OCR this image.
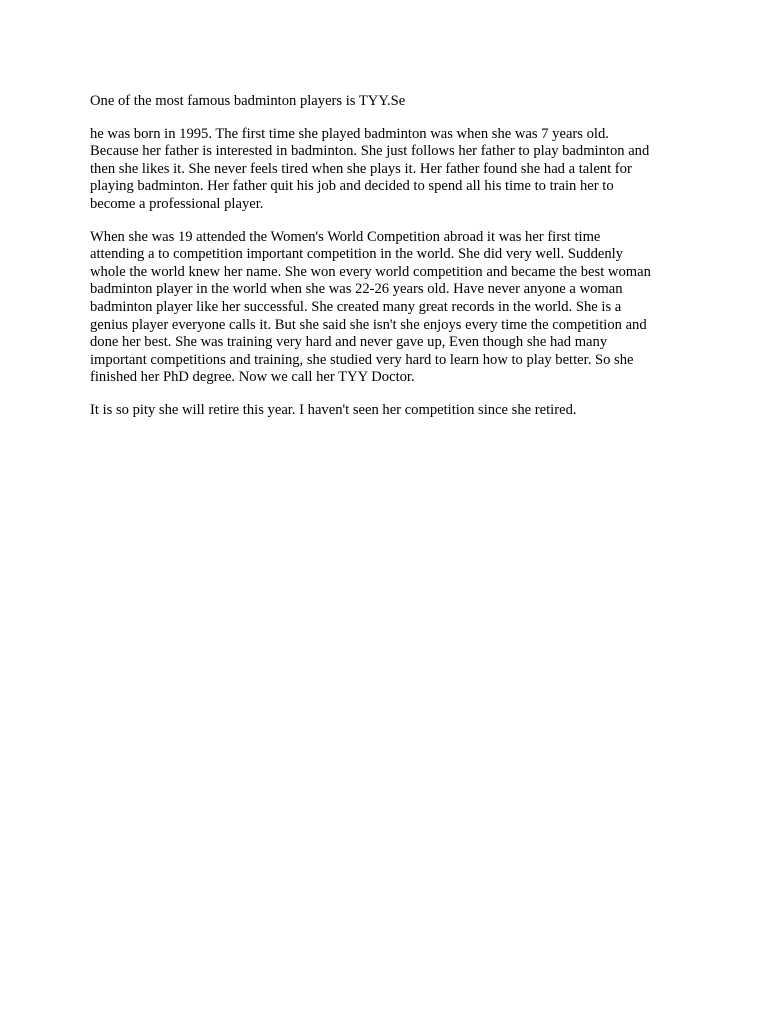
One of the most famous badminton players is TYY.Se

he was born in 1995. The first time she played badminton was when she was 7 years old.
Because her father is interested in badminton. She just follows her father to play badminton and
then she likes it. She never feels tired when she plays it. Her father found she had a talent for
playing badminton. Her father quit his job and decided to spend all his time to train her to
become a professional player.

When she was 19 attended the Women's World Competition abroad it was her first time
attending a to competition important competition in the world. She did very well. Suddenly
whole the world knew her name. She won every world competition and became the best woman
badminton player in the world when she was 22-26 years old. Have never anyone a woman
badminton player like her successful. She created many great records in the world. She is a
genius player everyone calls it. But she said she isn't she enjoys every time the competition and
done her best. She was training very hard and never gave up, Even though she had many
important competitions and training, she studied very hard to learn how to play better. So she
finished her PhD degree. Now we call her TYY Doctor.

It is so pity she will retire this year. I haven't seen her competition since she retired.
